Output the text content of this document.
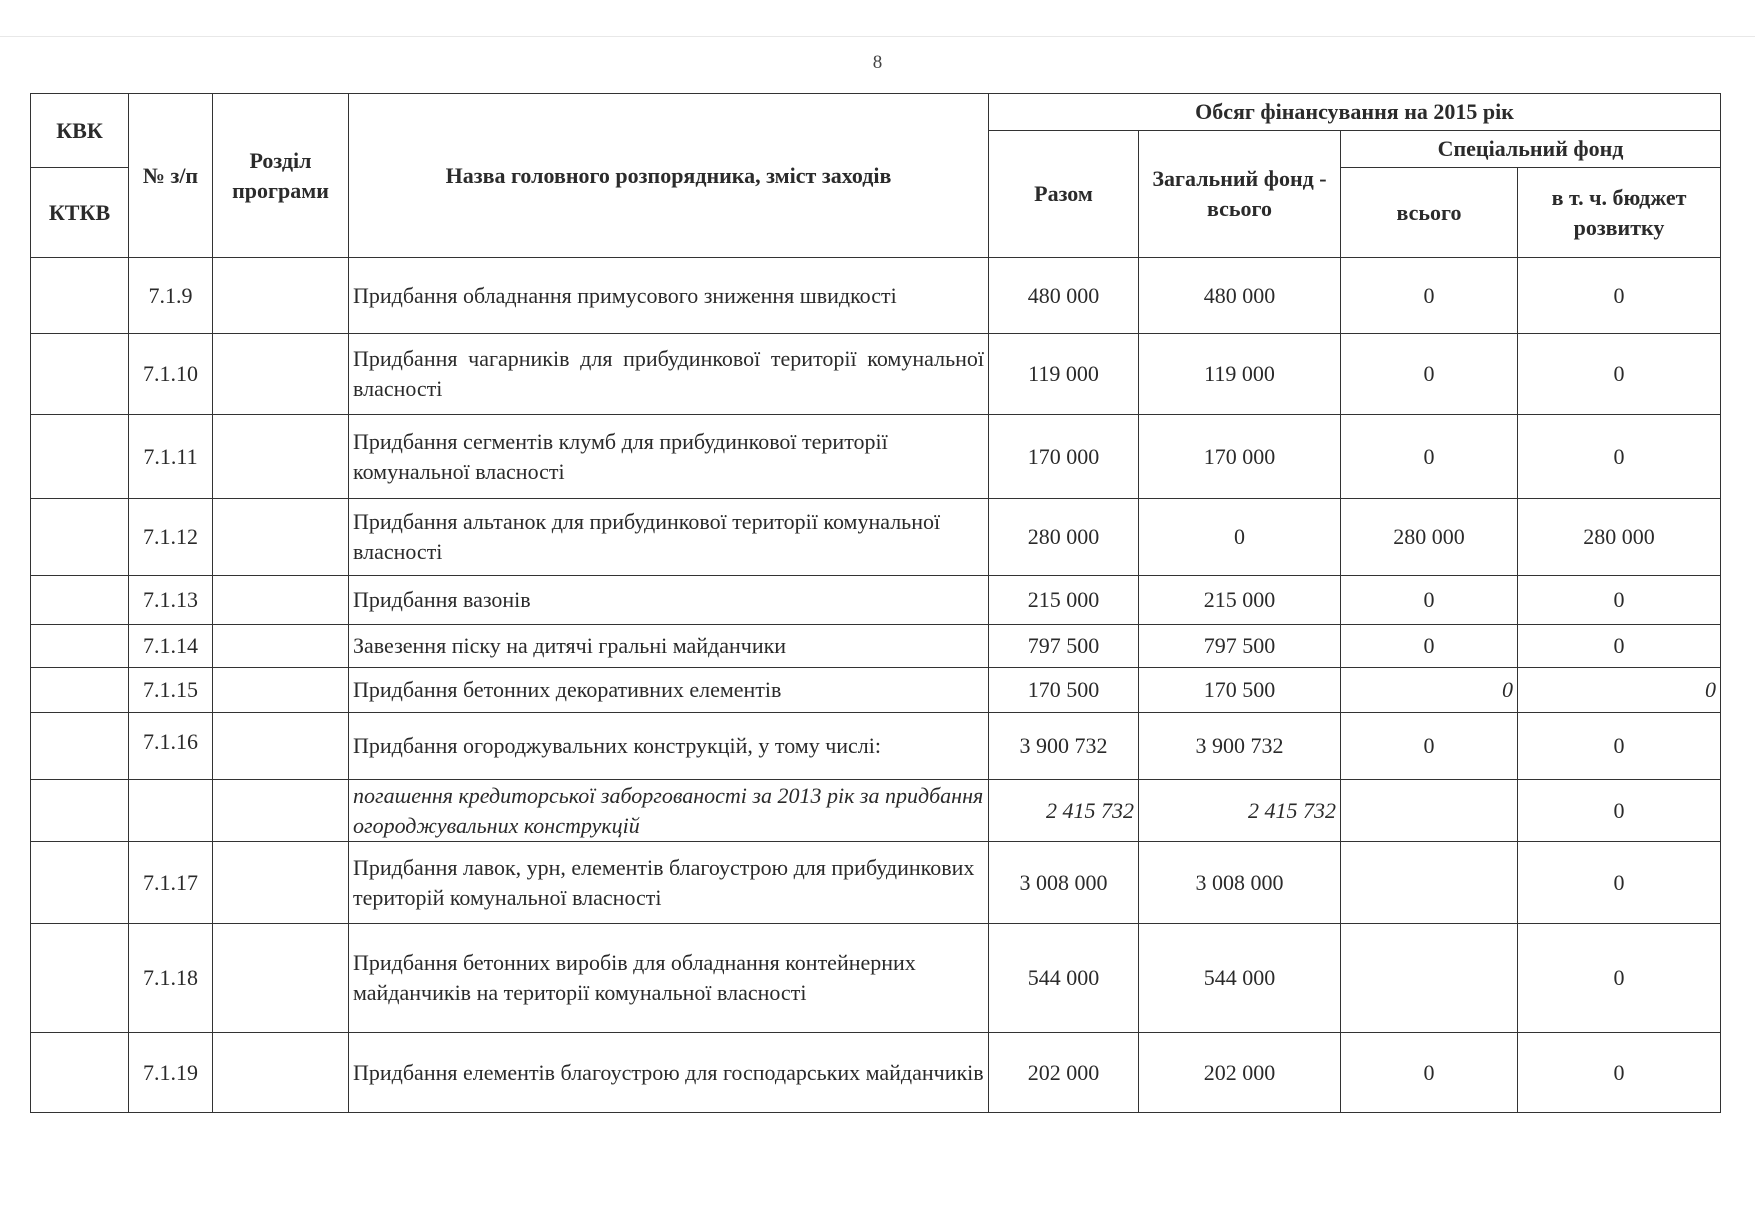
8
КВК	№ з/п	Розділ програми	Назва головного розпорядника, зміст заходів	Обсяг фінансування на 2015 рік			
				Разом	Загальний фонд - всього	Спеціальний фонд	
КТКВ						всього	в т. ч. бюджет розвитку

	7.1.9		Придбання обладнання примусового зниження швидкості	480 000	480 000	0	0
	7.1.10		Придбання чагарників для прибудинкової території комунальної власності	119 000	119 000	0	0
	7.1.11		Придбання сегментів клумб для прибудинкової території комунальної власності	170 000	170 000	0	0
	7.1.12		Придбання альтанок для прибудинкової території комунальної власності	280 000	0	280 000	280 000
	7.1.13		Придбання вазонів	215 000	215 000	0	0
	7.1.14		Завезення піску на дитячі гральні майданчики	797 500	797 500	0	0
	7.1.15		Придбання бетонних декоративних елементів	170 500	170 500	0	0
	7.1.16		Придбання огороджувальних конструкцій, у тому числі:	3 900 732	3 900 732	0	0
			погашення кредиторської заборгованості за 2013 рік за придбання огороджувальних конструкцій	2 415 732	2 415 732		0
	7.1.17		Придбання лавок, урн, елементів благоустрою для прибудинкових територій комунальної власності	3 008 000	3 008 000		0
	7.1.18		Придбання бетонних виробів для обладнання контейнерних майданчиків на території комунальної власності	544 000	544 000		0
	7.1.19		Придбання елементів благоустрою для господарських майданчиків	202 000	202 000	0	0
